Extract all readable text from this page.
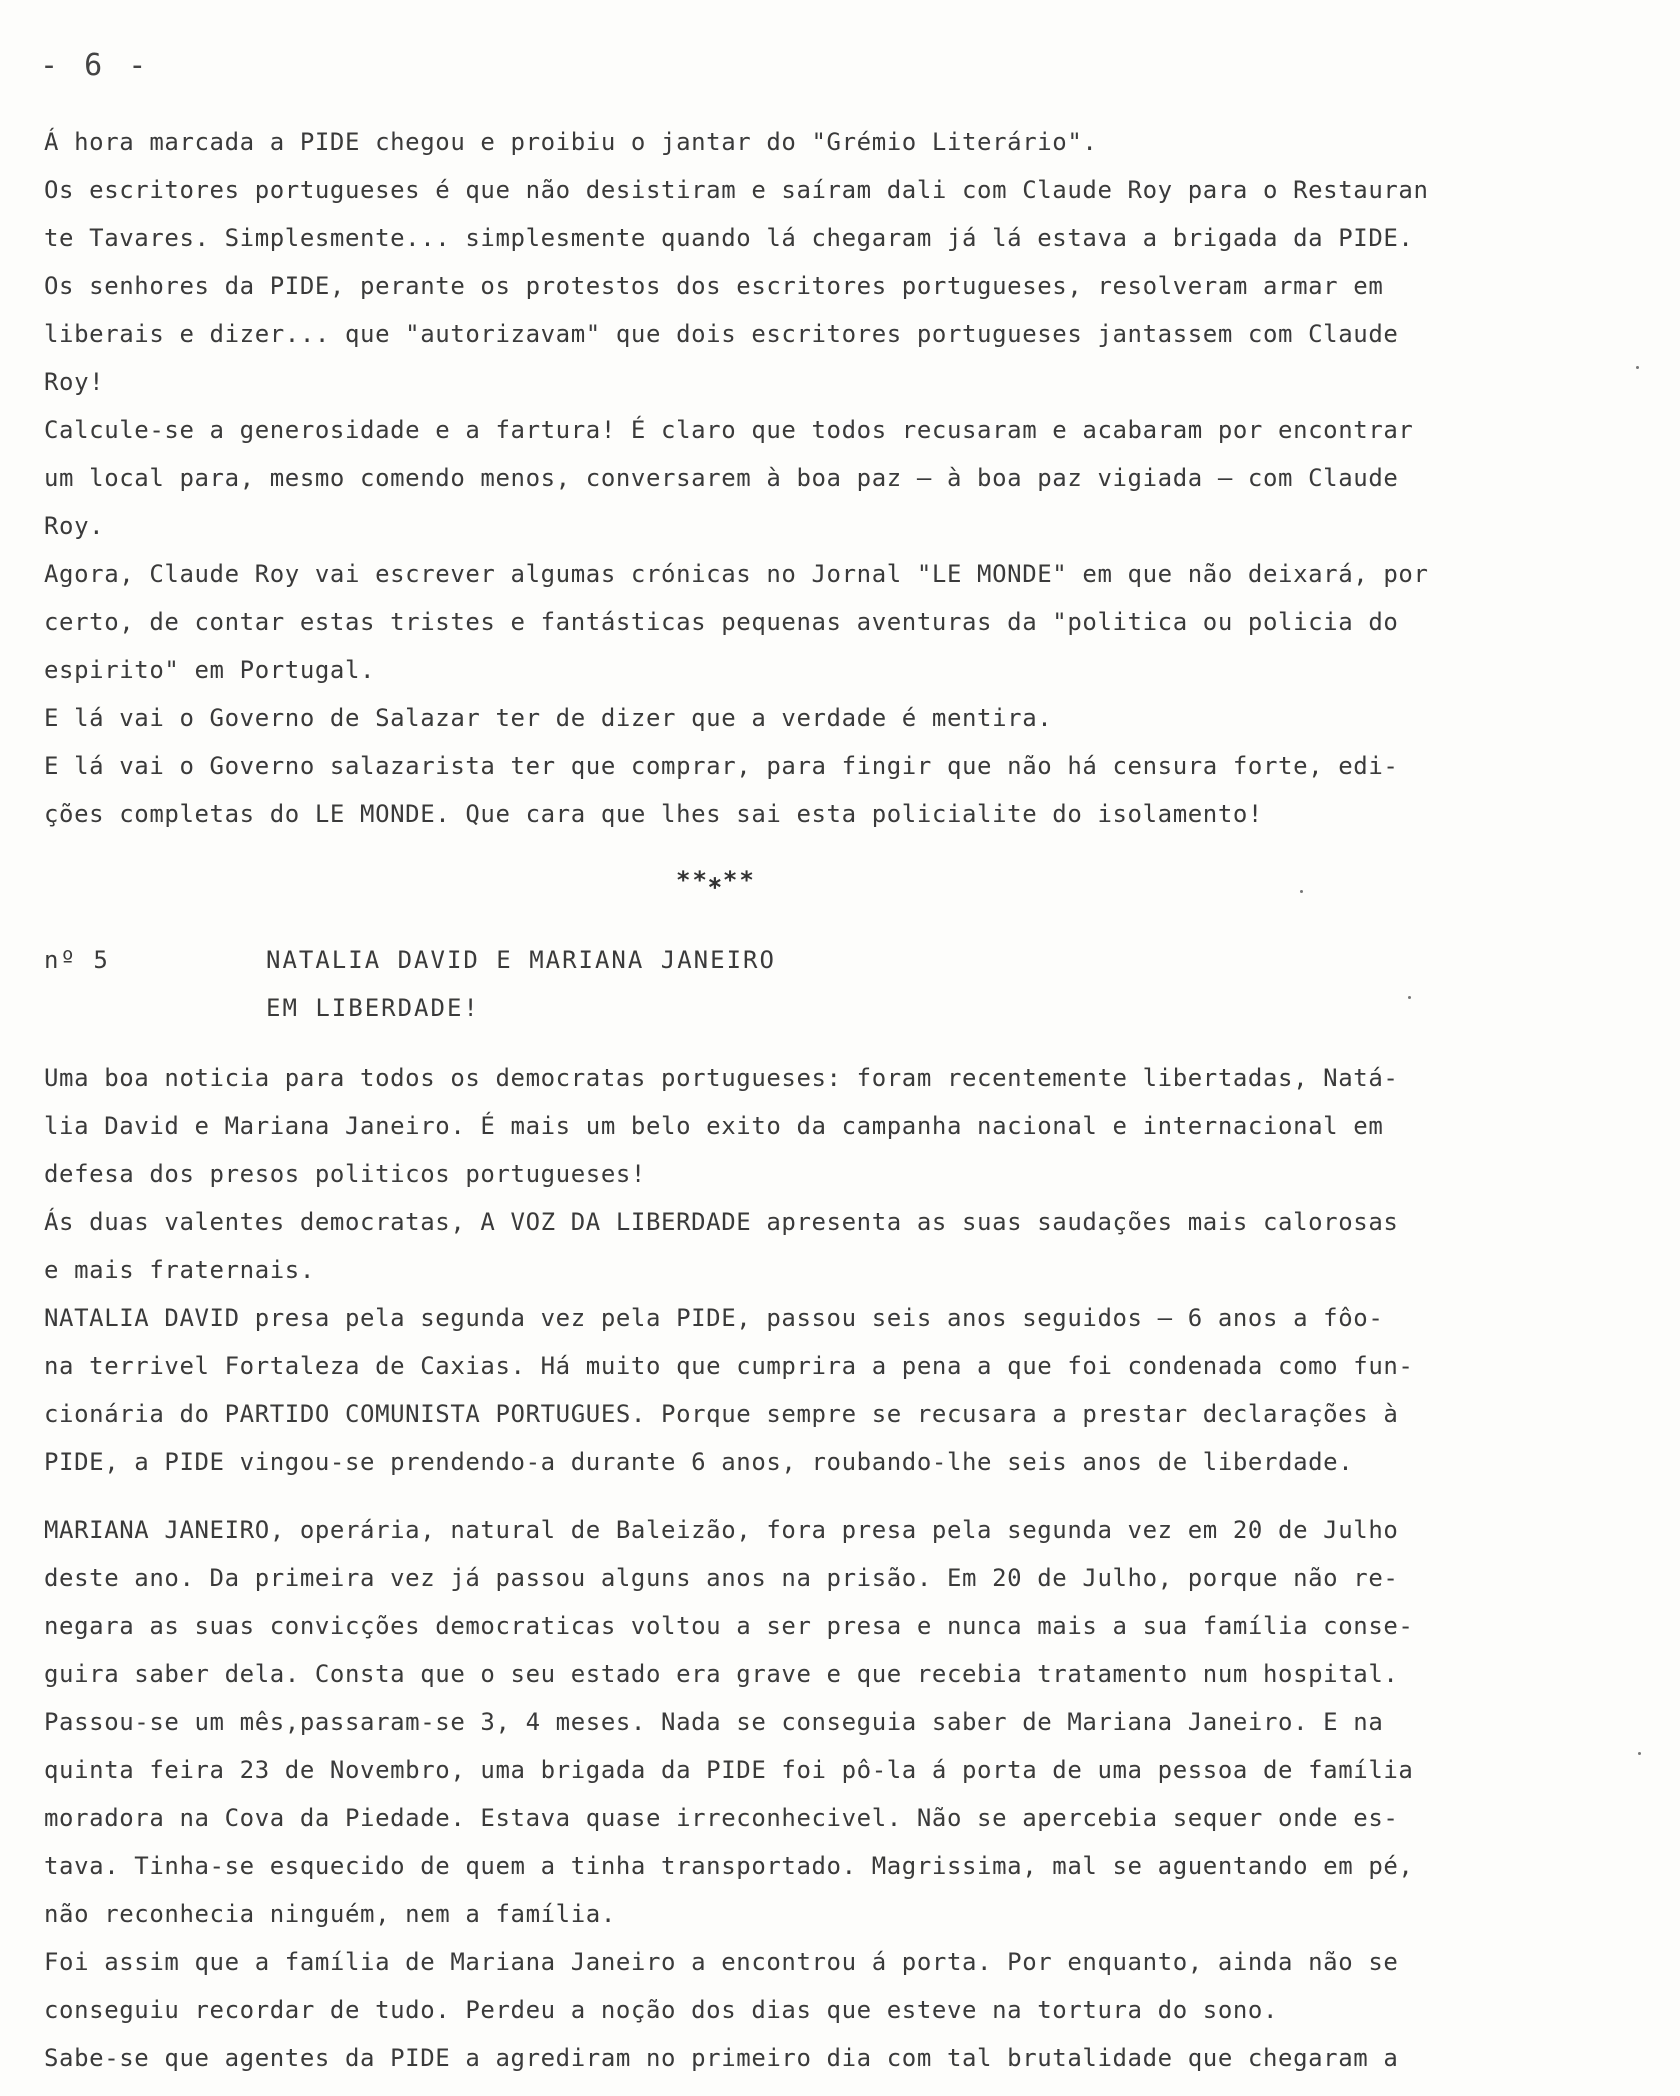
- 6 -
Á hora marcada a PIDE chegou e proibiu o jantar do "Grémio Literário".
Os escritores portugueses é que não desistiram e saíram dali com Claude Roy para o Restauran
te Tavares. Simplesmente... simplesmente quando lá chegaram já lá estava a brigada da PIDE.
Os senhores da PIDE, perante os protestos dos escritores portugueses, resolveram armar em
liberais e dizer... que "autorizavam" que dois escritores portugueses jantassem com Claude
Roy!
Calcule-se a generosidade e a fartura! É claro que todos recusaram e acabaram por encontrar
um local para, mesmo comendo menos, conversarem à boa paz – à boa paz vigiada – com Claude
Roy.
Agora, Claude Roy vai escrever algumas crónicas no Jornal "LE MONDE" em que não deixará, por
certo, de contar estas tristes e fantásticas pequenas aventuras da "politica ou policia do
espirito" em Portugal.
E lá vai o Governo de Salazar ter de dizer que a verdade é mentira.
E lá vai o Governo salazarista ter que comprar, para fingir que não há censura forte, edi-
ções completas do LE MONDE. Que cara que lhes sai esta policialite do isolamento!
**⁎**
nº 5	NATALIA DAVID E MARIANA JANEIRO
EM LIBERDADE!
Uma boa noticia para todos os democratas portugueses: foram recentemente libertadas, Natá-
lia David e Mariana Janeiro. É mais um belo exito da campanha nacional e internacional em
defesa dos presos politicos portugueses!
Ás duas valentes democratas, A VOZ DA LIBERDADE apresenta as suas saudações mais calorosas
e mais fraternais.
NATALIA DAVID presa pela segunda vez pela PIDE, passou seis anos seguidos – 6 anos a fôo-
na terrivel Fortaleza de Caxias. Há muito que cumprira a pena a que foi condenada como fun-
cionária do PARTIDO COMUNISTA PORTUGUES. Porque sempre se recusara a prestar declarações à
PIDE, a PIDE vingou-se prendendo-a durante 6 anos, roubando-lhe seis anos de liberdade.
MARIANA JANEIRO, operária, natural de Baleizão, fora presa pela segunda vez em 20 de Julho
deste ano. Da primeira vez já passou alguns anos na prisão. Em 20 de Julho, porque não re-
negara as suas convicções democraticas voltou a ser presa e nunca mais a sua família conse-
guira saber dela. Consta que o seu estado era grave e que recebia tratamento num hospital.
Passou-se um mês,passaram-se 3, 4 meses. Nada se conseguia saber de Mariana Janeiro. E na
quinta feira 23 de Novembro, uma brigada da PIDE foi pô-la á porta de uma pessoa de família
moradora na Cova da Piedade. Estava quase irreconhecivel. Não se apercebia sequer onde es-
tava. Tinha-se esquecido de quem a tinha transportado. Magrissima, mal se aguentando em pé,
não reconhecia ninguém, nem a família.
Foi assim que a família de Mariana Janeiro a encontrou á porta. Por enquanto, ainda não se
conseguiu recordar de tudo. Perdeu a noção dos dias que esteve na tortura do sono.
Sabe-se que agentes da PIDE a agrediram no primeiro dia com tal brutalidade que chegaram a
